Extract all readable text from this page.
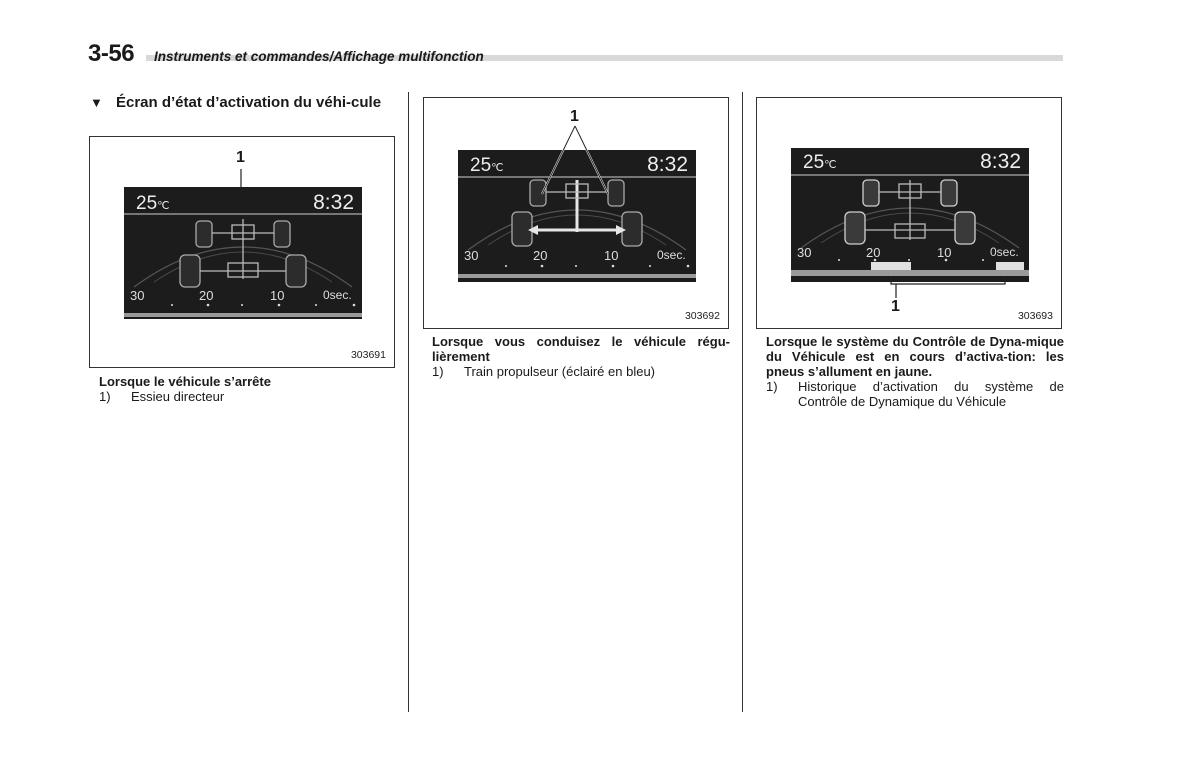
3-56 Instruments et commandes/Affichage multifonction
▼ Écran d’état d’activation du véhi-cule
1
25℃	8:32
30	20	10	0sec.
303691
1
25℃	8:32
30	20	10	0sec.
303692
25℃	8:32
30	20	10	0sec.
1
303693
Lorsque le véhicule s’arrête
1)	Essieu directeur
Lorsque vous conduisez le véhicule régu-lièrement
1)	Train propulseur (éclairé en bleu)
Lorsque le système du Contrôle de Dyna-mique du Véhicule est en cours d’activa-tion: les pneus s’allument en jaune.
1)	Historique d’activation du système de Contrôle de Dynamique du Véhicule
